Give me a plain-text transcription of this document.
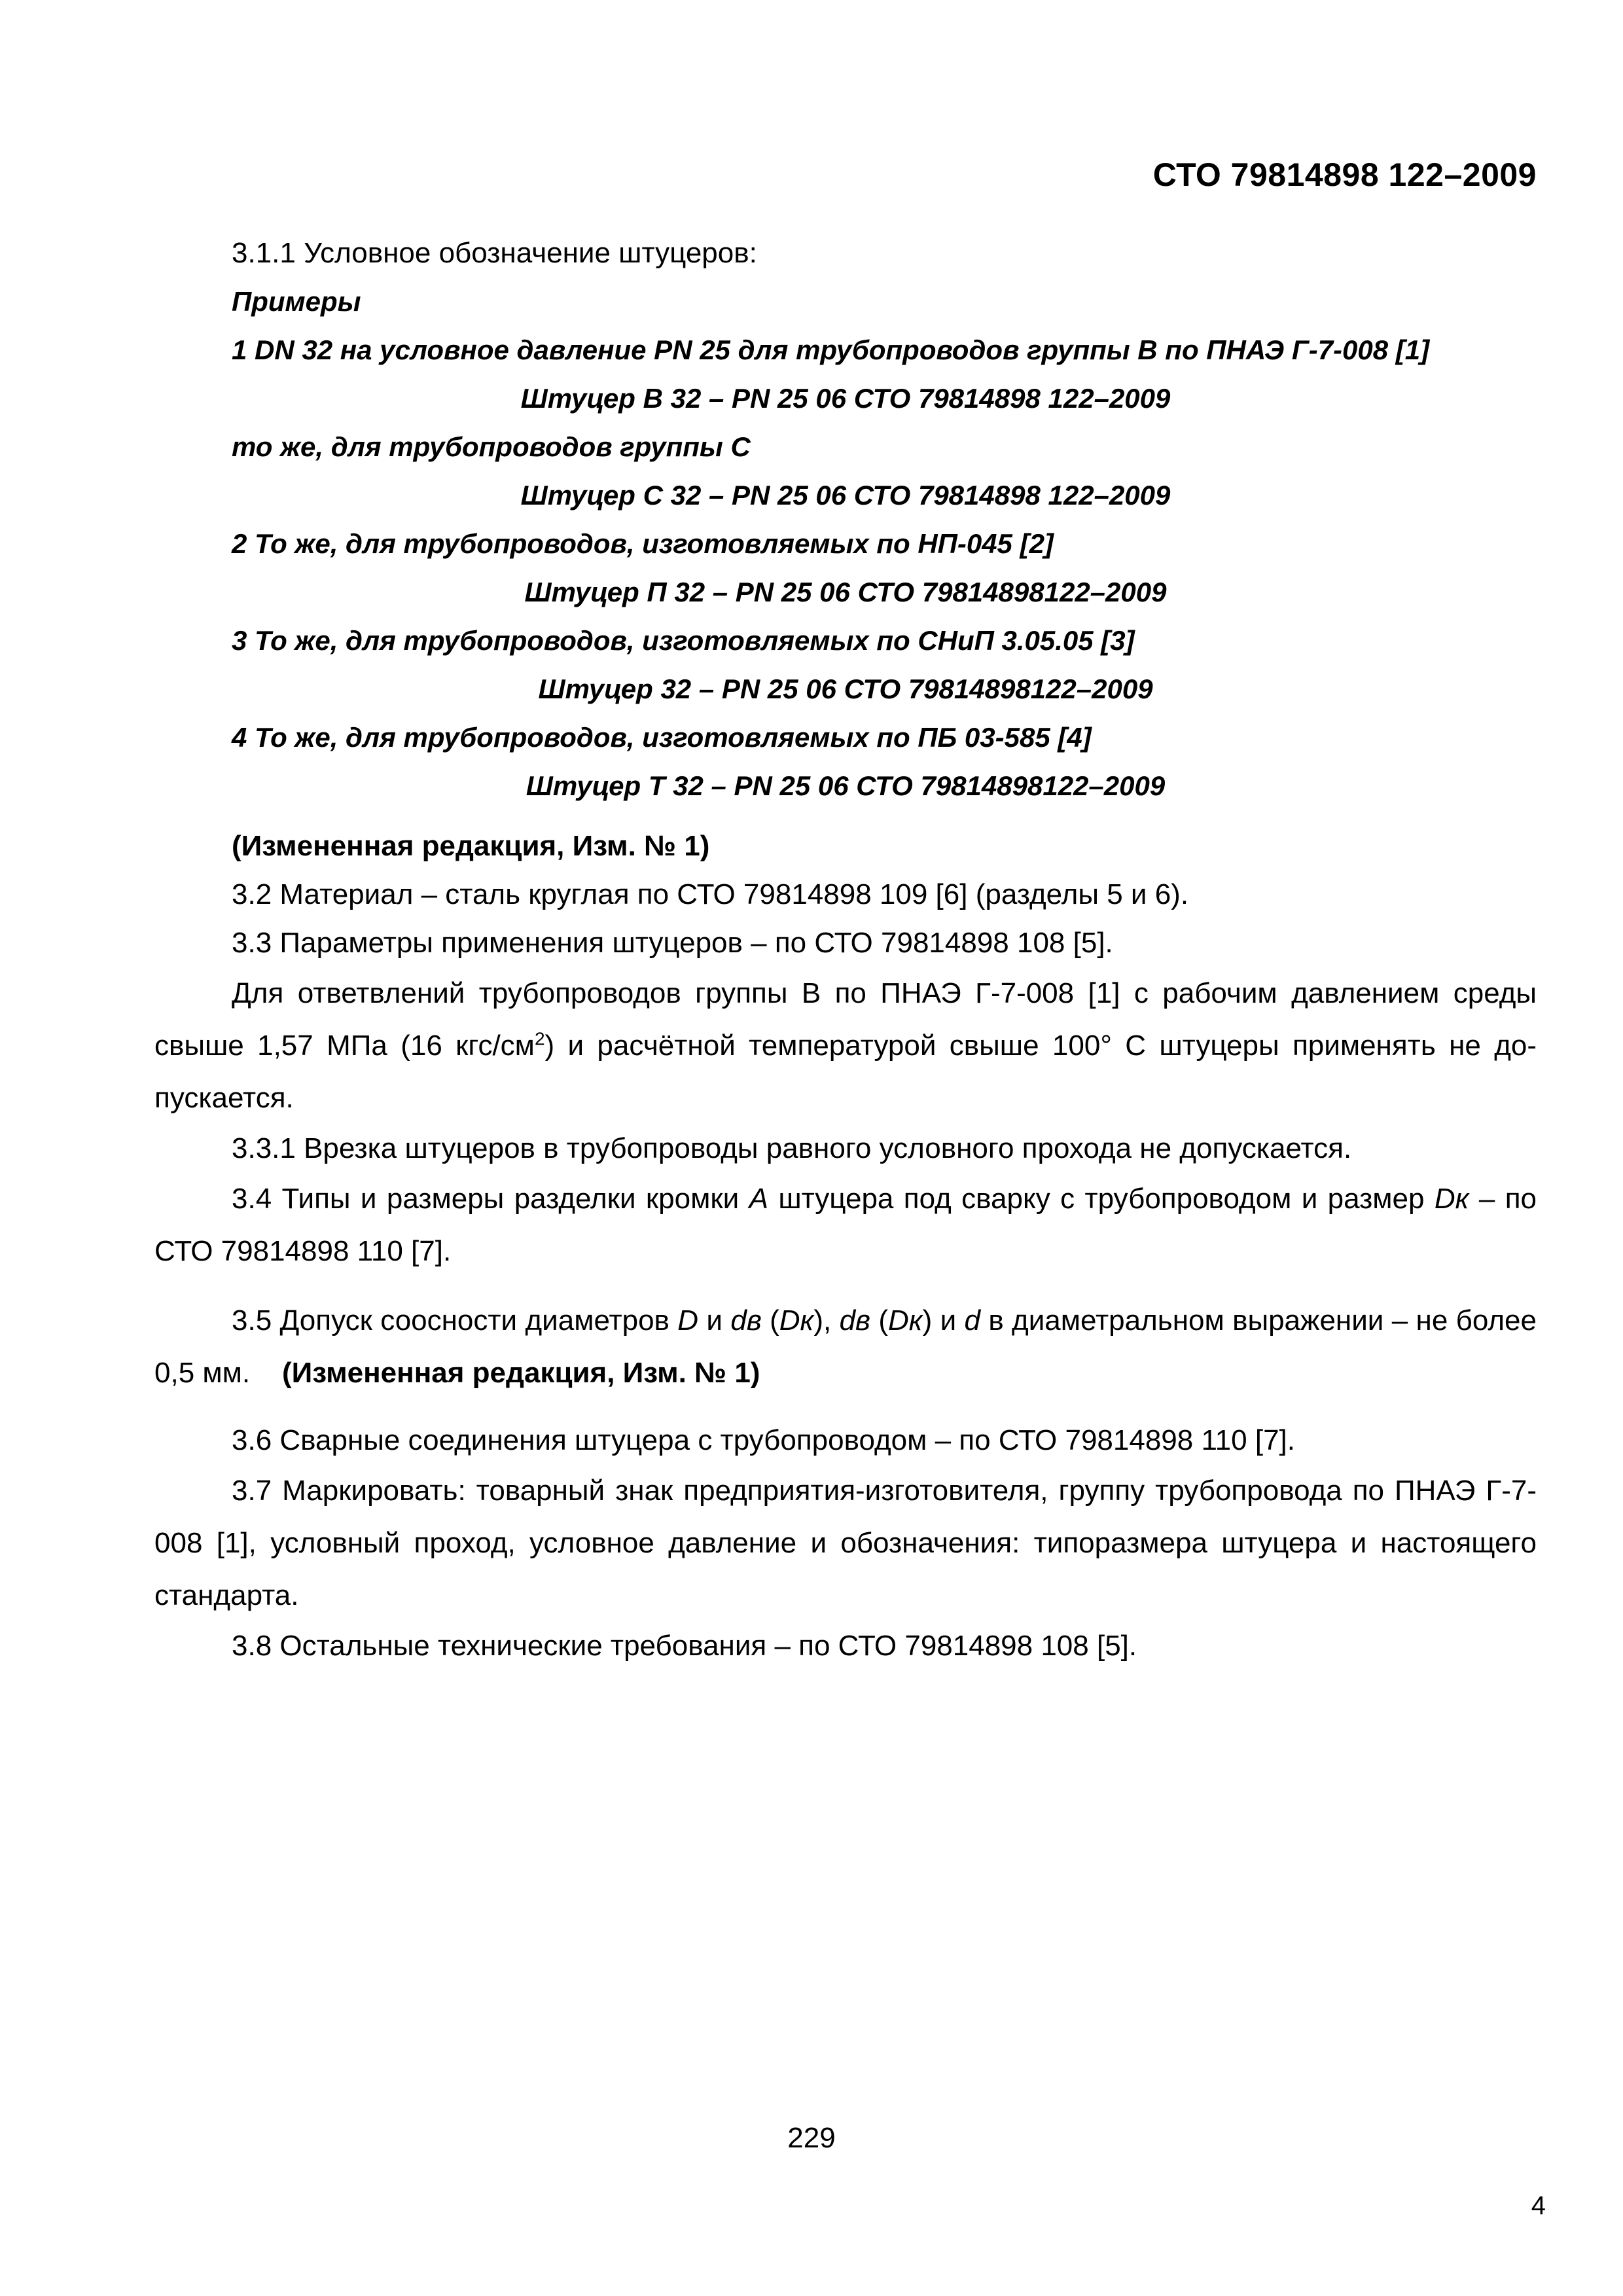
СТО 79814898 122–2009

3.1.1 Условное обозначение штуцеров:

Примеры

1 DN 32 на условное давление PN 25 для трубопроводов группы В по ПНАЭ Г-7-008 [1]

Штуцер В 32 – PN 25 06 СТО 79814898 122–2009

то же, для трубопроводов группы С

Штуцер С 32 – PN 25 06 СТО 79814898 122–2009

2 То же, для трубопроводов, изготовляемых по НП-045 [2]

Штуцер П 32 – PN 25 06 СТО 79814898122–2009

3 То же, для трубопроводов, изготовляемых по СНиП 3.05.05 [3]

Штуцер 32 – PN 25 06 СТО 79814898122–2009

4 То же, для трубопроводов, изготовляемых по ПБ 03-585 [4]

Штуцер Т 32 – PN 25 06 СТО 79814898122–2009

(Измененная редакция, Изм. № 1)

3.2 Материал – сталь круглая по СТО 79814898 109 [6] (разделы 5 и 6).

3.3 Параметры применения штуцеров – по СТО 79814898 108 [5].

Для ответвлений трубопроводов группы В по ПНАЭ Г-7-008 [1] с рабочим давлением среды свыше 1,57 МПа (16 кгс/$см^2$) и расчётной температурой свыше 100° С штуцеры применять не до-пускается.

3.3.1 Врезка штуцеров в трубопроводы равного условного прохода не допускается.

3.4 Типы и размеры разделки кромки А штуцера под сварку с трубопроводом и размер Dк – по СТО 79814898 110 [7].

3.5 Допуск соосности диаметров D и dв (Dк), dв (Dк) и d в диаметральном выражении – не более 0,5 мм. (Измененная редакция, Изм. № 1)

3.6 Сварные соединения штуцера с трубопроводом – по СТО 79814898 110 [7].

3.7 Маркировать: товарный знак предприятия-изготовителя, группу трубопровода по ПНАЭ Г-7-008 [1], условный проход, условное давление и обозначения: типоразмера штуцера и настоящего стандарта.

3.8 Остальные технические требования – по СТО 79814898 108 [5].

229
4
